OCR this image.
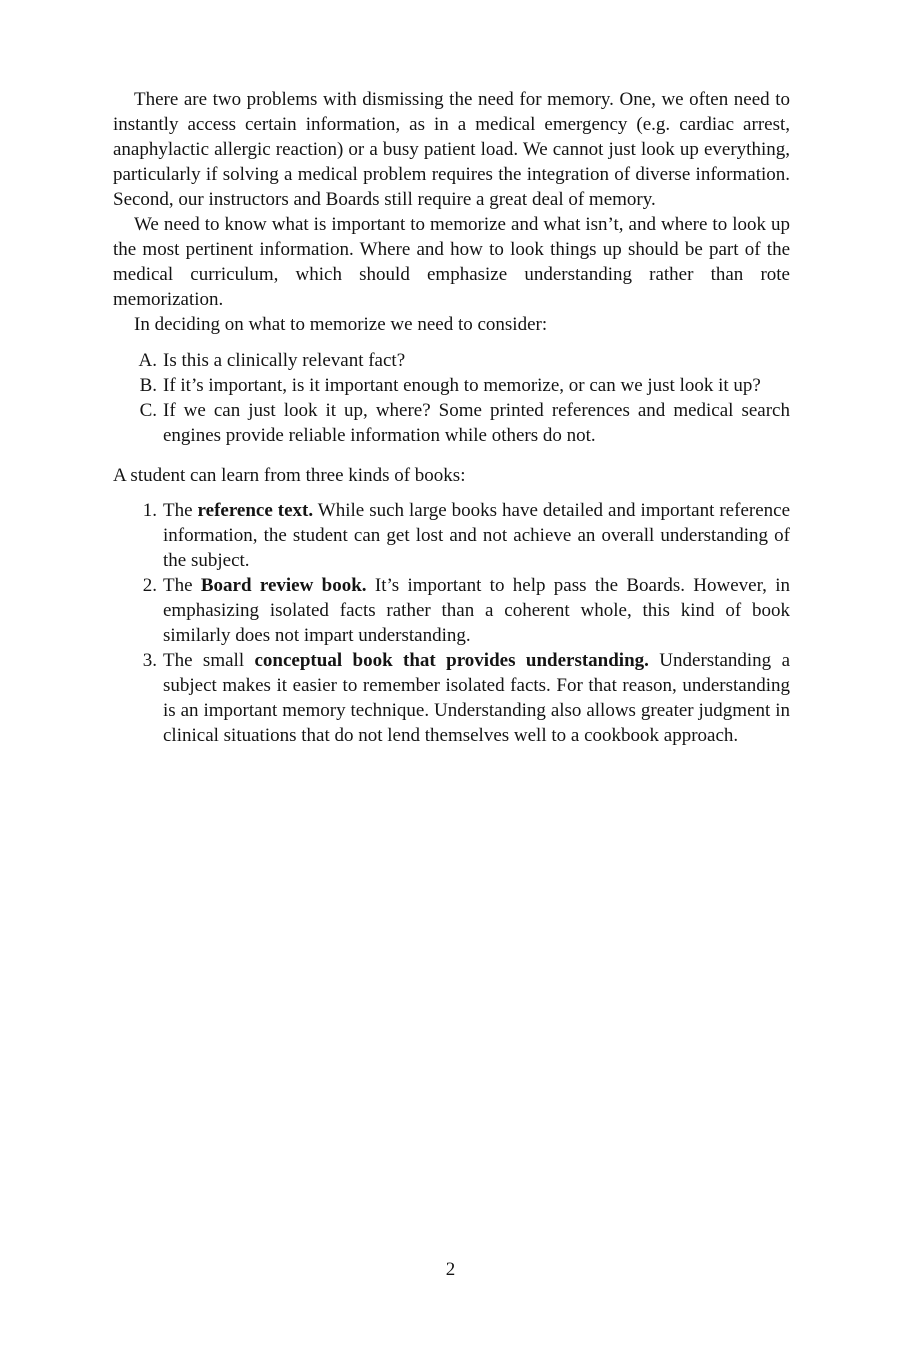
There are two problems with dismissing the need for memory. One, we often need to instantly access certain information, as in a medical emergency (e.g. cardiac arrest, anaphylactic allergic reaction) or a busy patient load. We cannot just look up everything, particularly if solving a medical problem requires the integration of diverse information. Second, our instructors and Boards still require a great deal of memory.

We need to know what is important to memorize and what isn’t, and where to look up the most pertinent information. Where and how to look things up should be part of the medical curriculum, which should emphasize understanding rather than rote memorization.

In deciding on what to memorize we need to consider:

A. Is this a clinically relevant fact?
B. If it’s important, is it important enough to memorize, or can we just look it up?
C. If we can just look it up, where? Some printed references and medical search engines provide reliable information while others do not.

A student can learn from three kinds of books:

1. The reference text. While such large books have detailed and important reference information, the student can get lost and not achieve an overall understanding of the subject.
2. The Board review book. It’s important to help pass the Boards. However, in emphasizing isolated facts rather than a coherent whole, this kind of book similarly does not impart understanding.
3. The small conceptual book that provides understanding. Understanding a subject makes it easier to remember isolated facts. For that reason, understanding is an important memory technique. Understanding also allows greater judgment in clinical situations that do not lend themselves well to a cookbook approach.
2
